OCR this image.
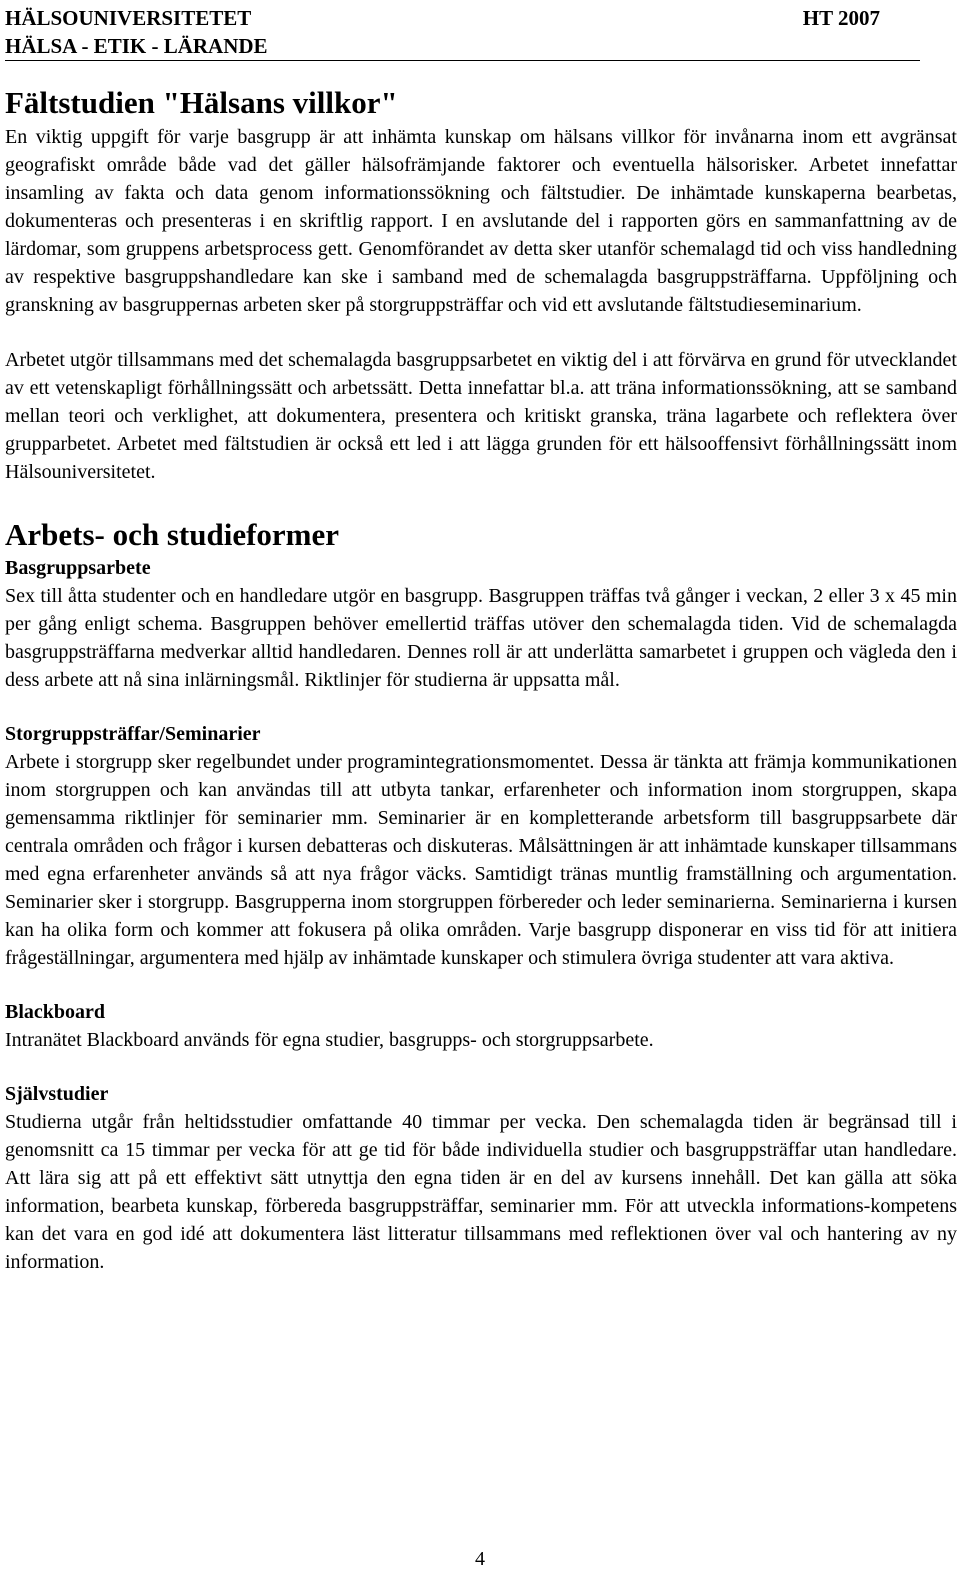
HÄLSOUNIVERSITETET	HT 2007
HÄLSA - ETIK - LÄRANDE
Fältstudien "Hälsans villkor"

En viktig uppgift för varje basgrupp är att inhämta kunskap om hälsans villkor för invånarna inom ett avgränsat geografiskt område både vad det gäller hälsofrämjande faktorer och eventuella hälsorisker. Arbetet innefattar insamling av fakta och data genom informationssökning och fältstudier. De inhämtade kunskaperna bearbetas, dokumenteras och presenteras i en skriftlig rapport. I en avslutande del i rapporten görs en sammanfattning av de lärdomar, som gruppens arbetsprocess gett. Genomförandet av detta sker utanför schemalagd tid och viss handledning av respektive basgruppshandledare kan ske i samband med de schemalagda basgruppsträffarna. Uppföljning och granskning av basgruppernas arbeten sker på storgruppsträffar och vid ett avslutande fältstudieseminarium.

Arbetet utgör tillsammans med det schemalagda basgruppsarbetet en viktig del i att förvärva en grund för utvecklandet av ett vetenskapligt förhållningssätt och arbetssätt. Detta innefattar bl.a. att träna informationssökning, att se samband mellan teori och verklighet, att dokumentera, presentera och kritiskt granska, träna lagarbete och reflektera över grupparbetet. Arbetet med fältstudien är också ett led i att lägga grunden för ett hälsooffensivt förhållningssätt inom Hälsouniversitetet.

Arbets- och studieformer
Basgruppsarbete

Sex till åtta studenter och en handledare utgör en basgrupp. Basgruppen träffas två gånger i veckan, 2 eller 3 x 45 min per gång enligt schema. Basgruppen behöver emellertid träffas utöver den schemalagda tiden. Vid de schemalagda basgruppsträffarna medverkar alltid handledaren. Dennes roll är att underlätta samarbetet i gruppen och vägleda den i dess arbete att nå sina inlärningsmål. Riktlinjer för studierna är uppsatta mål.

Storgruppsträffar/Seminarier

Arbete i storgrupp sker regelbundet under programintegrationsmomentet. Dessa är tänkta att främja kommunikationen inom storgruppen och kan användas till att utbyta tankar, erfarenheter och information inom storgruppen, skapa gemensamma riktlinjer för seminarier mm. Seminarier är en kompletterande arbetsform till basgruppsarbete där centrala områden och frågor i kursen debatteras och diskuteras. Målsättningen är att inhämtade kunskaper tillsammans med egna erfarenheter används så att nya frågor väcks. Samtidigt tränas muntlig framställning och argumentation. Seminarier sker i storgrupp. Basgrupperna inom storgruppen förbereder och leder seminarierna. Seminarierna i kursen kan ha olika form och kommer att fokusera på olika områden. Varje basgrupp disponerar en viss tid för att initiera frågeställningar, argumentera med hjälp av inhämtade kunskaper och stimulera övriga studenter att vara aktiva.

Blackboard

Intranätet Blackboard används för egna studier, basgrupps- och storgruppsarbete.

Självstudier

Studierna utgår från heltidsstudier omfattande 40 timmar per vecka. Den schemalagda tiden är begränsad till i genomsnitt ca 15 timmar per vecka för att ge tid för både individuella studier och basgruppsträffar utan handledare. Att lära sig att på ett effektivt sätt utnyttja den egna tiden är en del av kursens innehåll. Det kan gälla att söka information, bearbeta kunskap, förbereda basgruppsträffar, seminarier mm. För att utveckla informations-kompetens kan det vara en god idé att dokumentera läst litteratur tillsammans med reflektionen över val och hantering av ny information.

4
